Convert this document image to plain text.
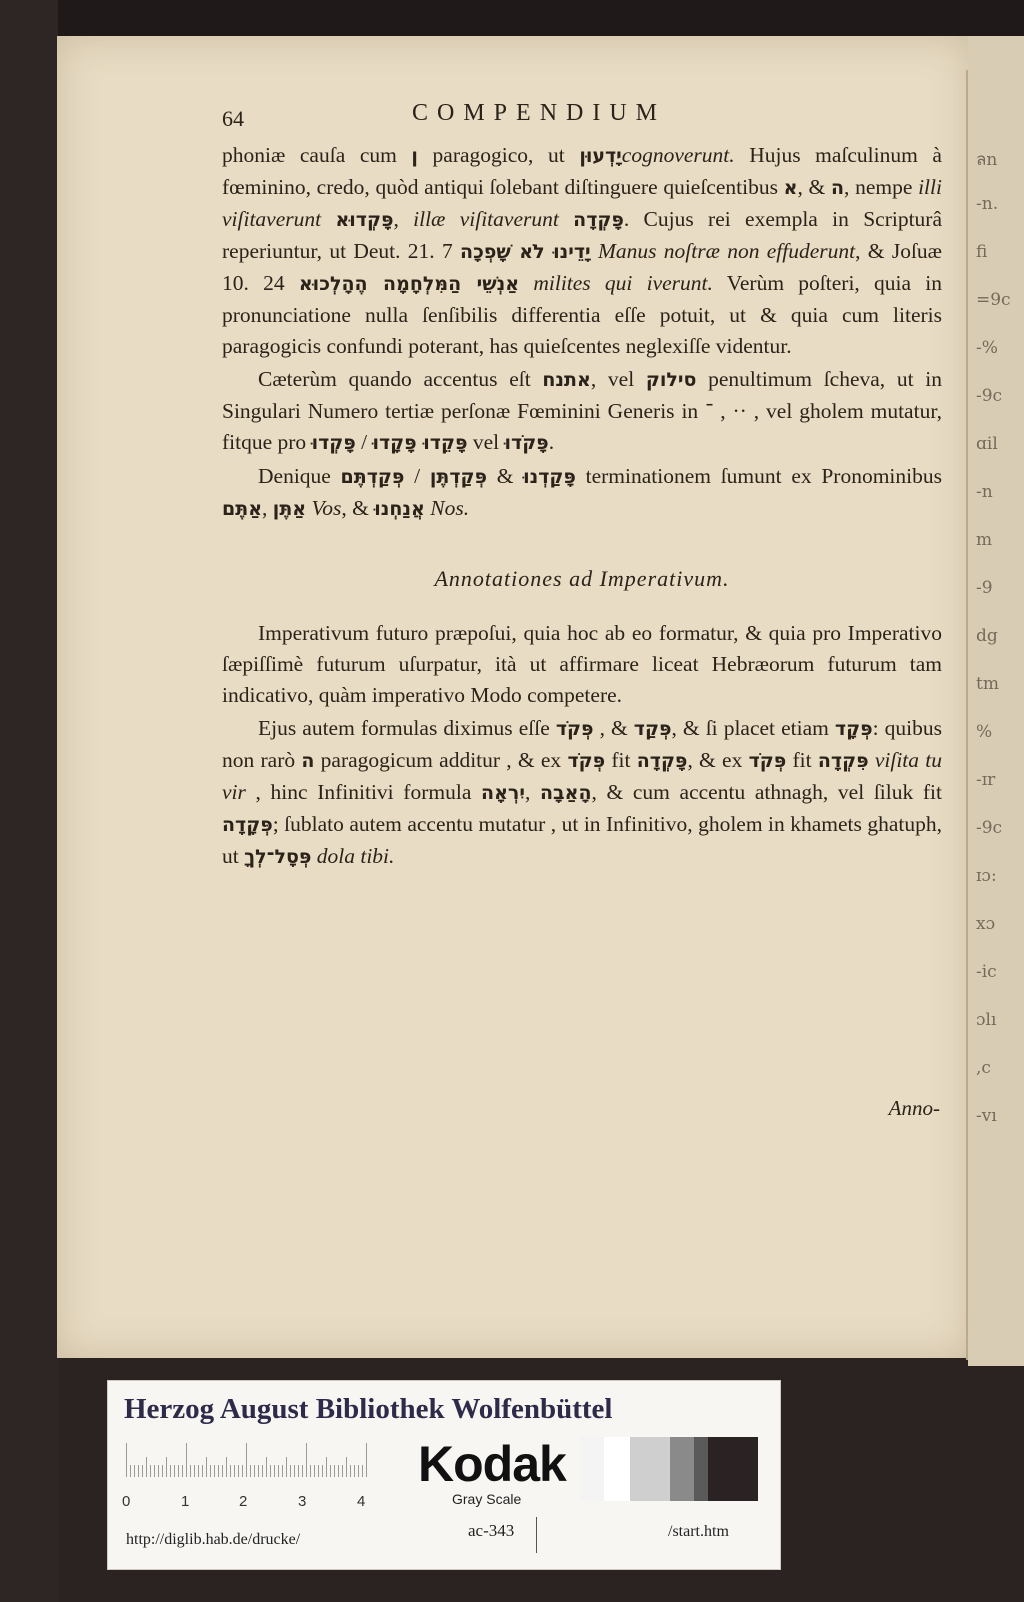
ลn
-n.
ﬁ
=9c
-%
-9c
ɑil
-n
m
-9
dg
tm
%
-ɪr
-9c
ɪɔ:
xɔ
-ic
ɔlı
,c
-vı
64	COMPENDIUM

phoniæ cauſa cum ן paragogico, ut יָדְעוּןcognoverunt. Hujus maſculinum à fœminino, credo, quòd antiqui ſolebant diſtinguere quieſcentibus א, & ה, nempe illi viſitaverunt פָּקְדוּא, illæ viſitaverunt פָּקְדָה. Cujus rei exempla in Scripturâ reperiuntur, ut Deut. 21. 7 יָדֵינוּ לֹא שָׁפְכָה Manus noſtræ non effuderunt, & Joſuæ 10. 24 אַנְשֵׁי הַמִּלְחָמָה הֶהָלְכוּא milites qui iverunt. Verùm poſteri, quia in pronunciatione nulla ſenſibilis differentia eſſe potuit, ut & quia cum literis paragogicis confundi poterant, has quieſcentes neglexiſſe videntur.

Cæterùm quando accentus eſt אתנח, vel סילוק penultimum ſcheva, ut in Singulari Numero tertiæ perſonæ Fœminini Generis in ־ , ·· , vel gholem mutatur, fitque pro פָּקְדוּ / פָּקֵדוּ פָּקָדוּ vel פָּקֹדוּ.

Denique פְּקַדְתֶּם / פְּקַדְתֶּן & פָּקַדְנוּ terminationem ſumunt ex Pronominibus אַתֶּם, אַתֶּן Vos, & אֲנַחְנוּ Nos.

Annotationes ad Imperativum.

Imperativum futuro præpoſui, quia hoc ab eo formatur, & quia pro Imperativo ſæpiſſimè futurum uſurpatur, ità ut affirmare liceat Hebræorum futurum tam indicativo, quàm imperativo Modo competere.

Ejus autem formulas diximus eſſe פְּקֹד , & פְּקַד, & ſi placet etiam פְּקָד: quibus non rarò ה paragogicum additur , & ex פְּקֹד fit פָּקְדָה, & ex פְּקֹד fit פִּקְדָה viſita tu vir , hinc Infinitivi formula יִרְאָה, הָאַבָה, & cum accentu athnagh, vel ſiluk fit פְּקָדָה; ſublato autem accentu mutatur , ut in Infinitivo, gholem in khamets ghatuph, ut פְּסָל־לְךָ dola tibi.

Anno-
Herzog August Bibliothek Wolfenbüttel
0	1	2	3	4
Kodak
Gray Scale
ac-343
http://diglib.hab.de/drucke/	/start.htm
